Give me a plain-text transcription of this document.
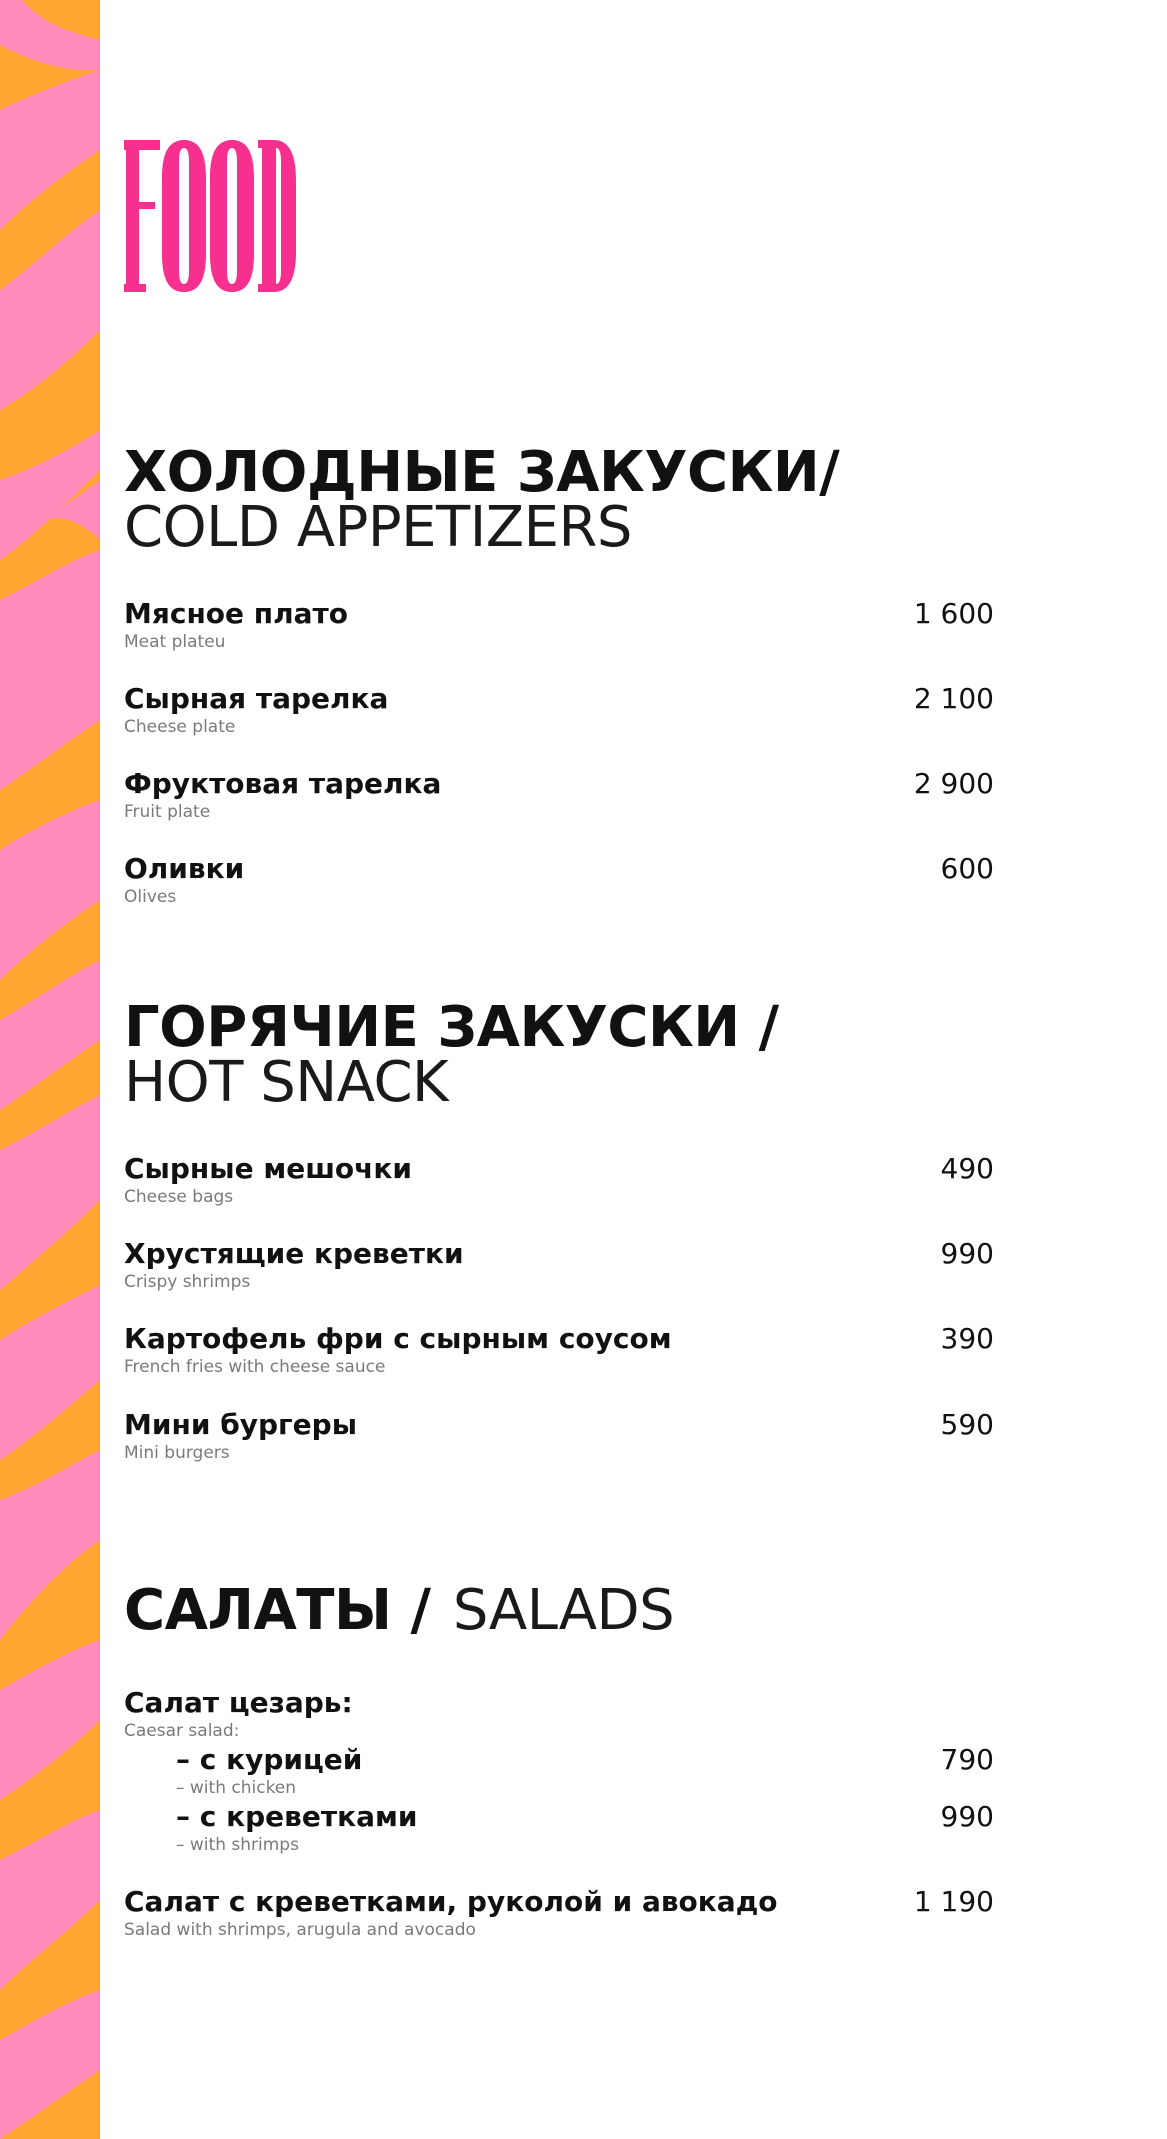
ХОЛОДНЫЕ ЗАКУСКИ/
COLD APPETIZERS
Мясное плато
Meat plateu
1 600
Сырная тарелка
Cheese plate
2 100
Фруктовая тарелка
Fruit plate
2 900
Оливки
Olives
600
ГОРЯЧИЕ ЗАКУСКИ /
HOT SNACK
Сырные мешочки
Cheese bags
490
Хрустящие креветки
Crispy shrimps
990
Картофель фри с сырным соусом
French fries with cheese sauce
390
Мини бургеры
Mini burgers
590
САЛАТЫ / SALADS
Салат цезарь:
Caesar salad:
– с курицей
– with chicken
790
– с креветками
– with shrimps
990
Салат с креветками, руколой и авокадо
Salad with shrimps, arugula and avocado
1 190
